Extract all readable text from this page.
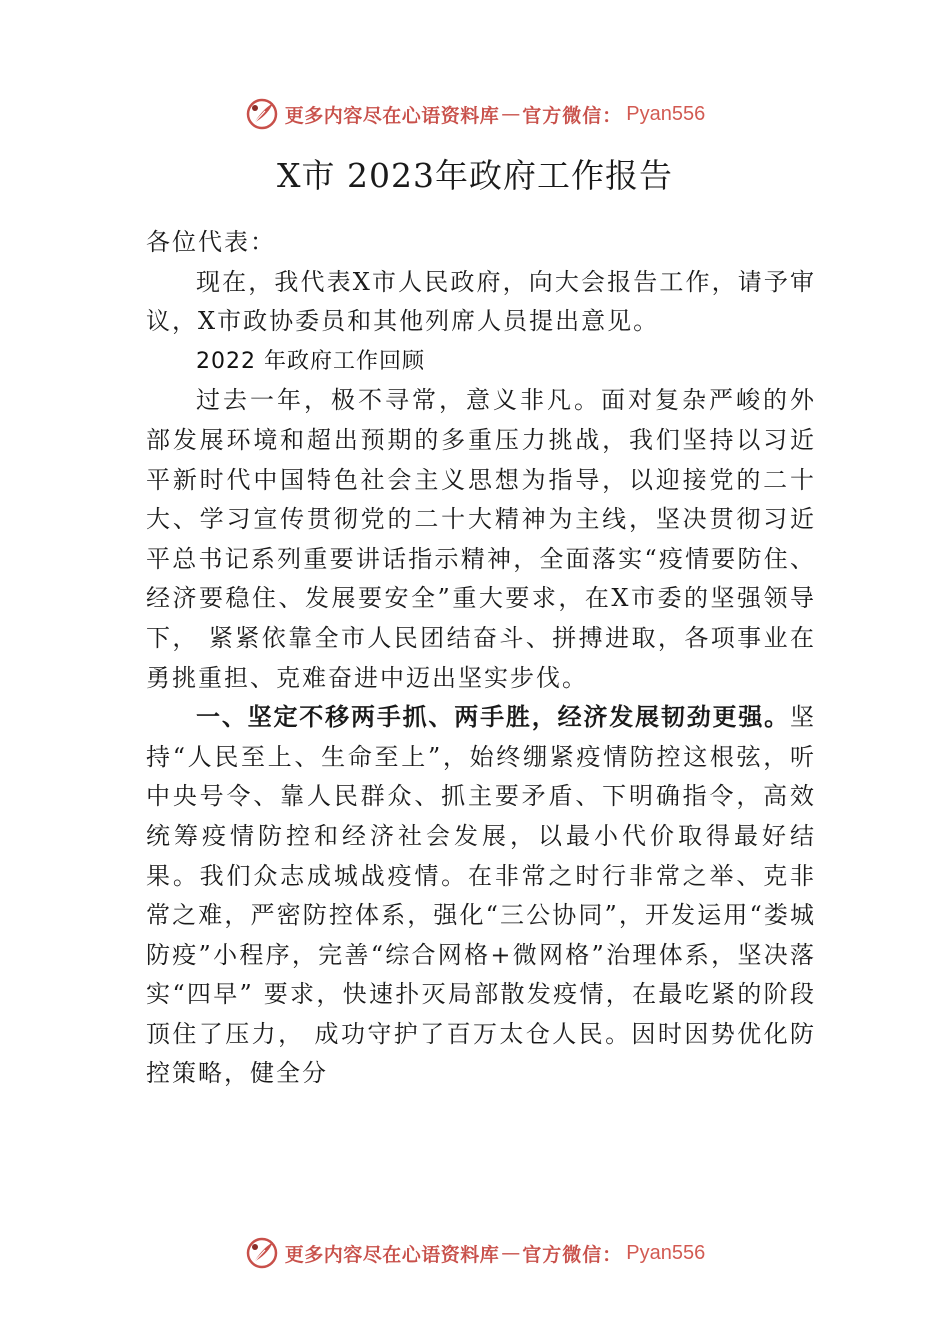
更多内容尽在心语资料库 — 官方微信： Pyan556
X市 2023年政府工作报告

各位代表：

现在，我代表X市人民政府，向大会报告工作，请予审议，X市政协委员和其他列席人员提出意见。

2022 年政府工作回顾

过去一年，极不寻常，意义非凡。面对复杂严峻的外部发展环境和超出预期的多重压力挑战，我们坚持以习近平新时代中国特色社会主义思想为指导，以迎接党的二十大、学习宣传贯彻党的二十大精神为主线，坚决贯彻习近平总书记系列重要讲话指示精神，全面落实“疫情要防住、经济要稳住、发展要安全”重大要求，在X市委的坚强领导下， 紧紧依靠全市人民团结奋斗、拼搏进取，各项事业在勇挑重担、克难奋进中迈出坚实步伐。

一、坚定不移两手抓、两手胜，经济发展韧劲更强。坚持“人民至上、生命至上”，始终绷紧疫情防控这根弦，听中央号令、靠人民群众、抓主要矛盾、下明确指令，高效统筹疫情防控和经济社会发展，以最小代价取得最好结果。我们众志成城战疫情。在非常之时行非常之举、克非常之难，严密防控体系，强化“三公协同”，开发运用“娄城防疫”小程序，完善“综合网格+微网格”治理体系，坚决落实“四早” 要求，快速扑灭局部散发疫情，在最吃紧的阶段顶住了压力， 成功守护了百万太仓人民。因时因势优化防控策略，健全分

更多内容尽在心语资料库 — 官方微信： Pyan556
